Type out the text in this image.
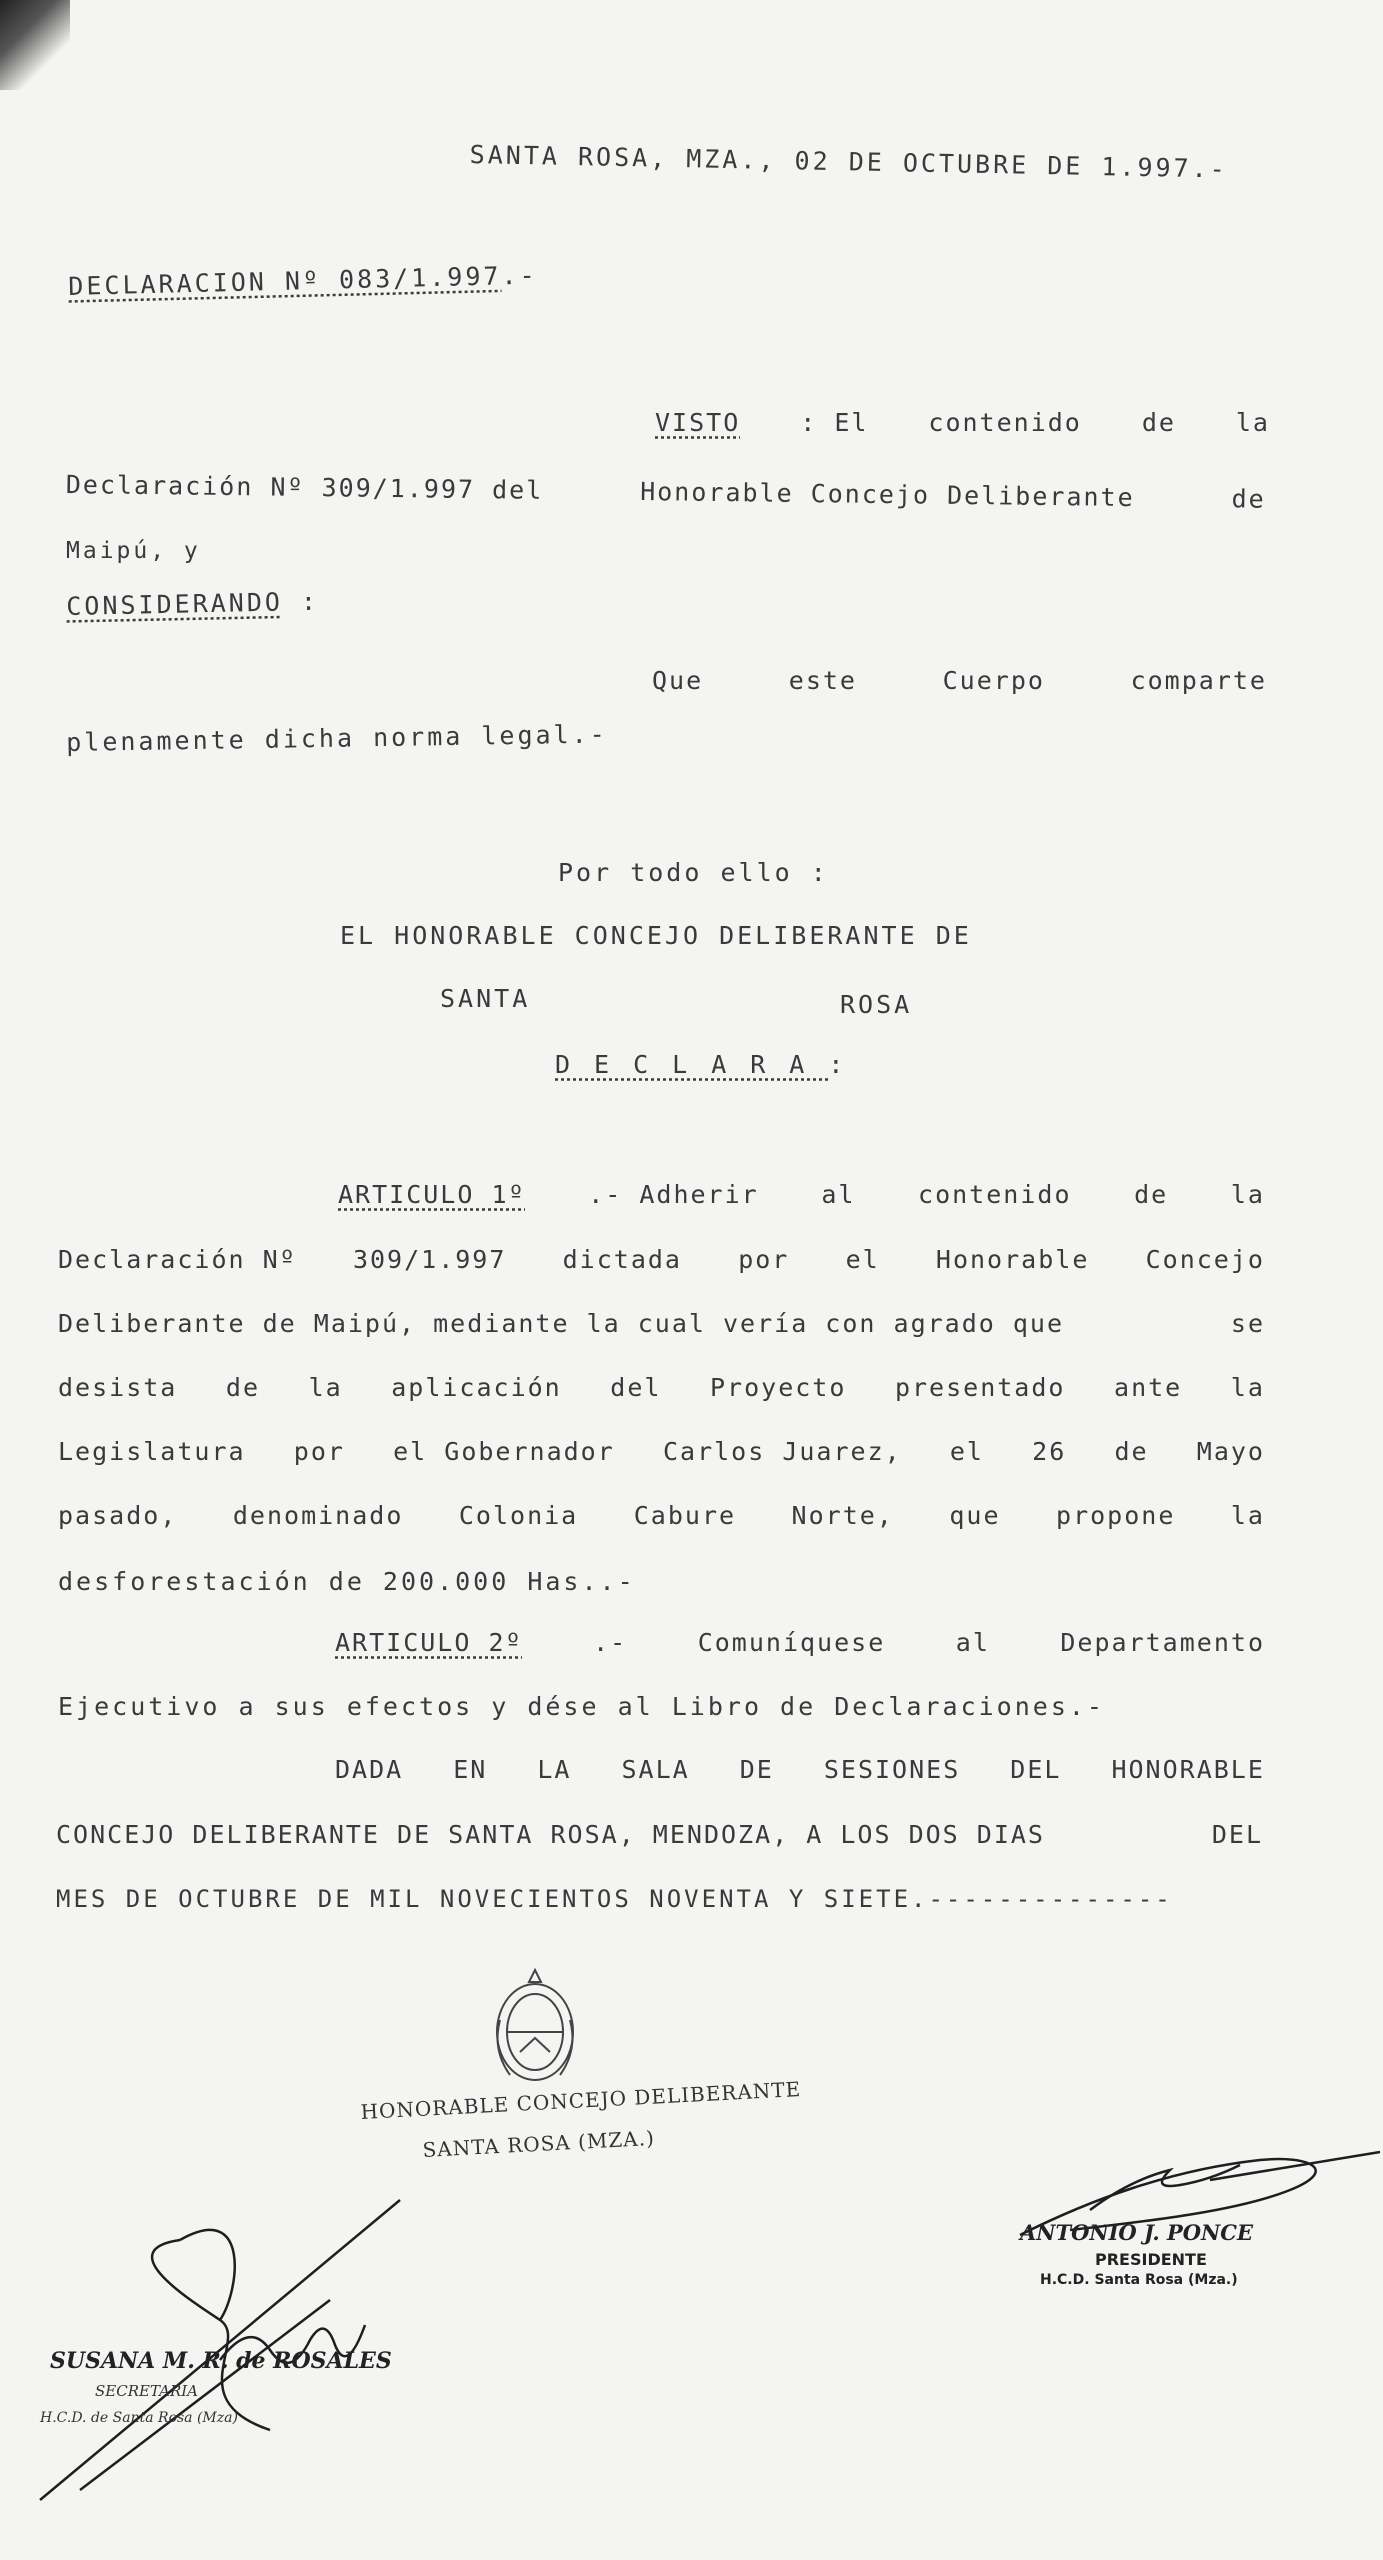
SANTA ROSA, MZA., 02 DE OCTUBRE DE 1.997.-
DECLARACION Nº 083/1.997.-
VISTO : El contenido de la
Declaración Nº 309/1.997 del	Honorable Concejo Deliberante	de
Maipú, y
CONSIDERANDO :
Que	este	Cuerpo	comparte
plenamente dicha norma legal.-
Por todo ello :
EL HONORABLE CONCEJO DELIBERANTE DE
SANTA	ROSA
DECLARA:
ARTICULO 1º	.- Adherir	al	contenido	de	la
Declaración Nº 309/1.997 dictada por el Honorable Concejo
Deliberante de Maipú, mediante la cual vería con agrado que	se
desista de la aplicación del Proyecto presentado ante la
Legislatura por el Gobernador Carlos Juarez, el 26 de Mayo
pasado, denominado Colonia Cabure Norte, que propone la
desforestación de 200.000 Has..-
ARTICULO 2º	.-	Comuníquese	al	Departamento
Ejecutivo a sus efectos y dése al Libro de Declaraciones.-
DADA EN LA SALA DE SESIONES DEL HONORABLE
CONCEJO DELIBERANTE DE SANTA ROSA, MENDOZA, A LOS DOS DIAS	DEL
MES DE OCTUBRE DE MIL NOVECIENTOS NOVENTA Y SIETE.--------------
HONORABLE CONCEJO DELIBERANTE
SANTA ROSA (MZA.)
SUSANA M. R. de ROSALES
SECRETARIA
H.C.D. de Santa Rosa (Mza)
ANTONIO J. PONCE
PRESIDENTE
H.C.D. Santa Rosa (Mza.)
